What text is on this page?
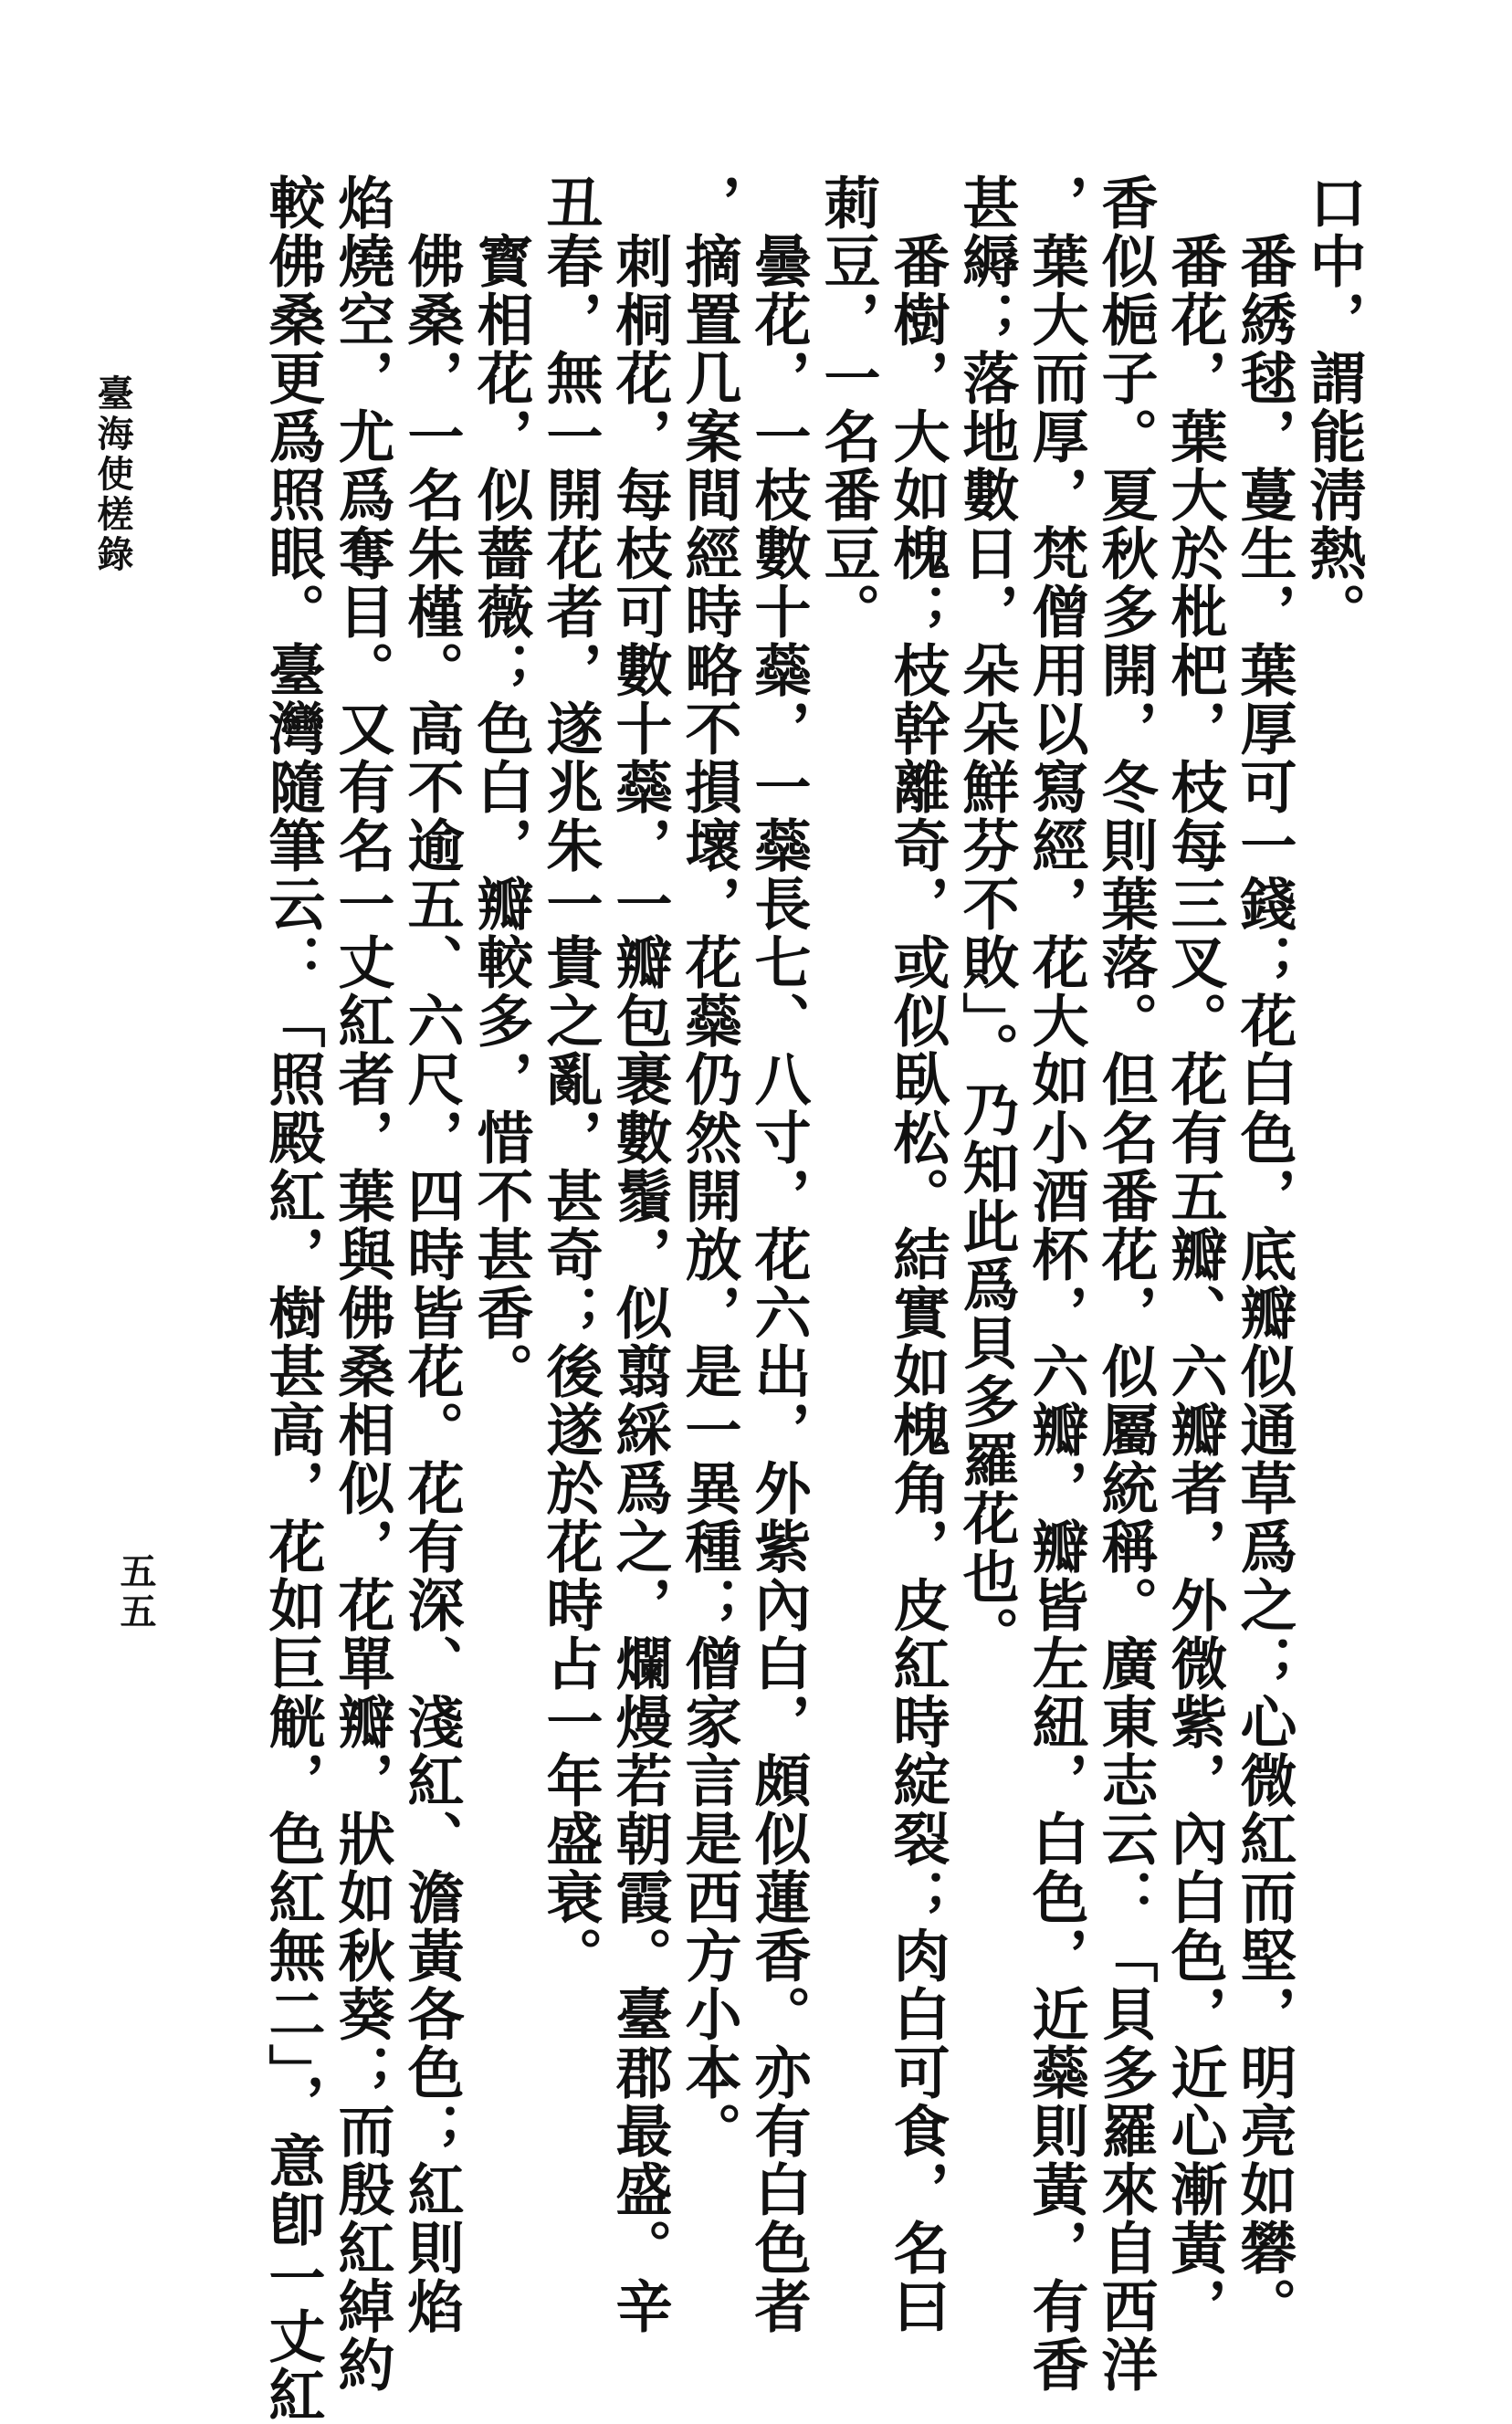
口中，謂能淸熱。
　番綉毬，蔓生，葉厚可一錢；花白色，底瓣似通草爲之；心微紅而堅，明亮如礬。
　番花，葉大於枇杷，枝每三叉。花有五瓣、六瓣者，外微紫，內白色，近心漸黃，
香似梔子。夏秋多開，冬則葉落。但名番花，似屬統稱。廣東志云：「貝多羅來自西洋
，葉大而厚，梵僧用以寫經，花大如小酒杯，六瓣，瓣皆左紐，白色，近蘂則黃，有香
甚縟；落地數日，朵朵鮮芬不敗」。乃知此爲貝多羅花也。
　番樹，大如槐；枝幹離奇，或似臥松。結實如槐角，皮紅時綻裂；肉白可食，名曰
莿豆，一名番豆。
　曇花，一枝數十蘂，一蘂長七、八寸，花六出，外紫內白，頗似蓮香。亦有白色者
，摘置几案間經時略不損壞，花蘂仍然開放，是一異種；僧家言是西方小本。
　刺桐花，每枝可數十蘂，一瓣包裹數鬚，似翦綵爲之，爛熳若朝霞。臺郡最盛。辛
丑春，無一開花者，遂兆朱一貴之亂，甚奇；後遂於花時占一年盛衰。
　寳相花，似薔薇；色白，瓣較多，惜不甚香。
　佛桑，一名朱槿。高不逾五、六尺，四時皆花。花有深、淺紅、澹黃各色；紅則焰
焰燒空，尤爲奪目。又有名一丈紅者，葉與佛桑相似，花單瓣，狀如秋葵；而殷紅綽約
較佛桑更爲照眼。臺灣隨筆云：「照殿紅，樹甚高，花如巨觥，色紅無二」，意卽一丈紅
臺海使槎錄
五五
